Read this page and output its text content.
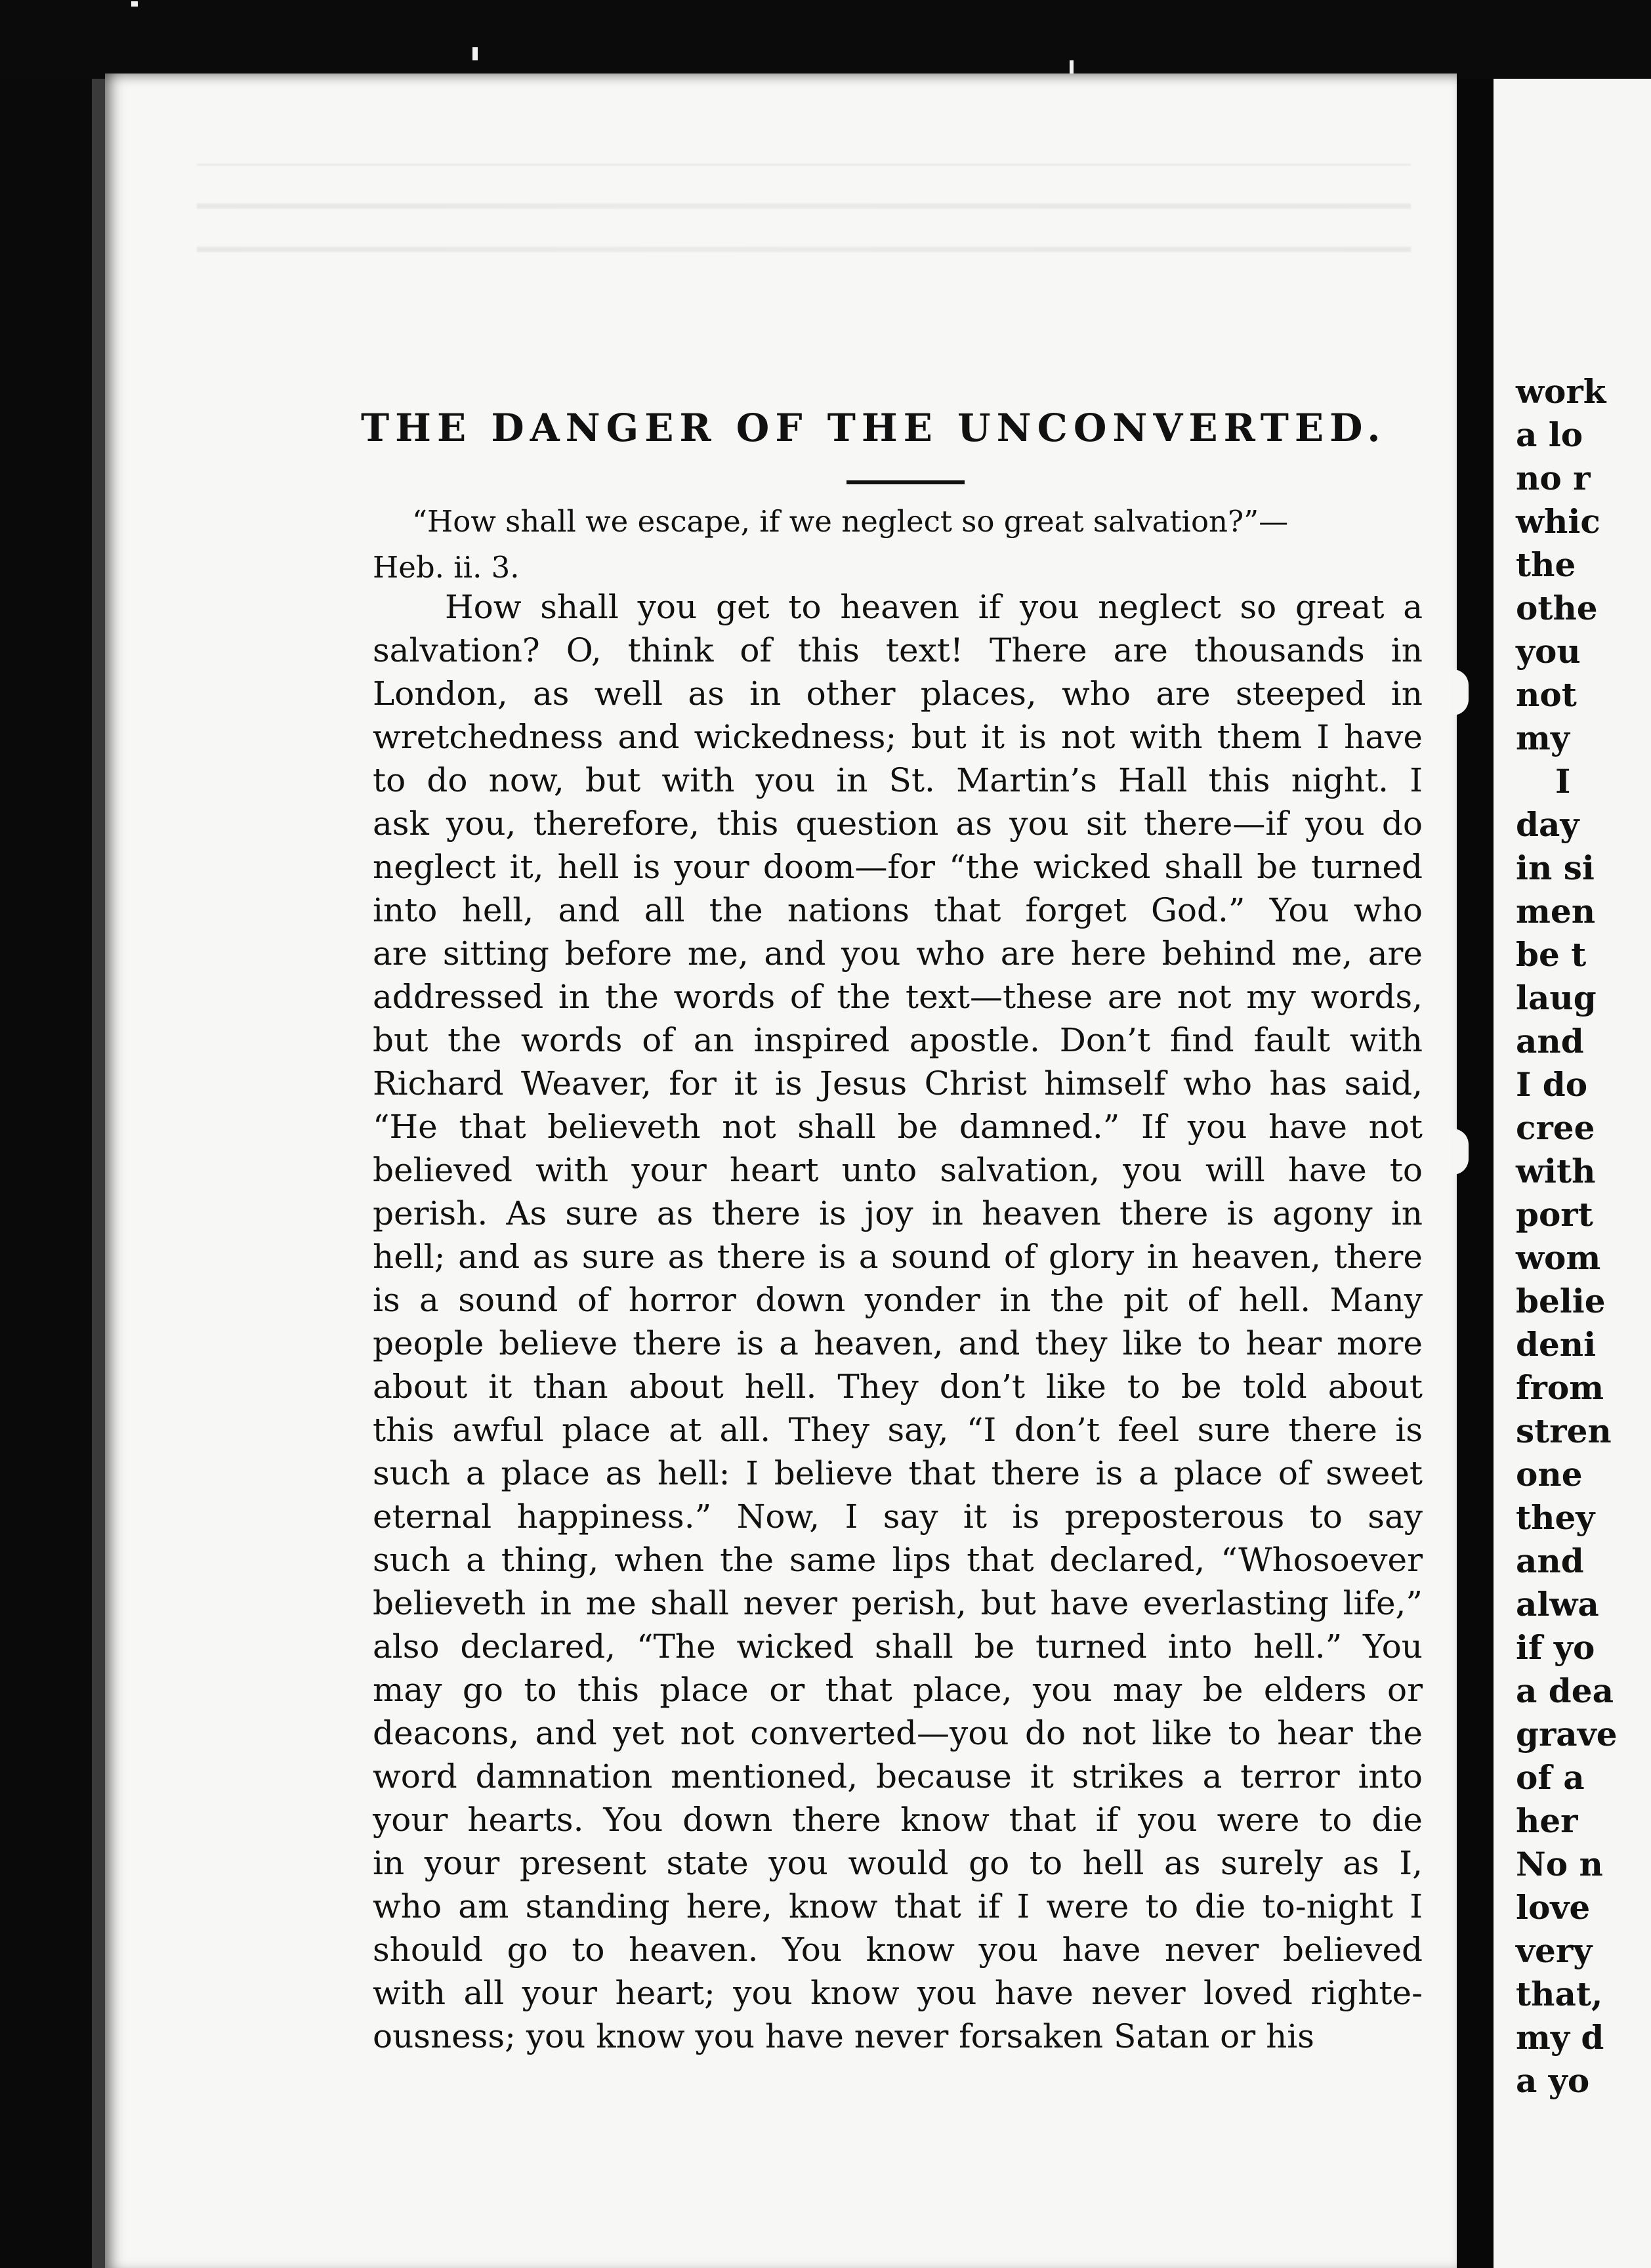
THE DANGER OF THE UNCONVERTED.
“How shall we escape, if we neglect so great salvation?”—
Heb. ii. 3.
How shall you get to heaven if you neglect so great a
salvation? O, think of this text! There are thousands in
London, as well as in other places, who are steeped in
wretchedness and wickedness; but it is not with them I have
to do now, but with you in St. Martin’s Hall this night. I
ask you, therefore, this question as you sit there—if you do
neglect it, hell is your doom—for “the wicked shall be turned
into hell, and all the nations that forget God.” You who
are sitting before me, and you who are here behind me, are
addressed in the words of the text—these are not my words,
but the words of an inspired apostle. Don’t find fault with
Richard Weaver, for it is Jesus Christ himself who has said,
“He that believeth not shall be damned.” If you have not
believed with your heart unto salvation, you will have to
perish. As sure as there is joy in heaven there is agony in
hell; and as sure as there is a sound of glory in heaven, there
is a sound of horror down yonder in the pit of hell. Many
people believe there is a heaven, and they like to hear more
about it than about hell. They don’t like to be told about
this awful place at all. They say, “I don’t feel sure there is
such a place as hell: I believe that there is a place of sweet
eternal happiness.” Now, I say it is preposterous to say
such a thing, when the same lips that declared, “Whosoever
believeth in me shall never perish, but have everlasting life,”
also declared, “The wicked shall be turned into hell.” You
may go to this place or that place, you may be elders or
deacons, and yet not converted—you do not like to hear the
word damnation mentioned, because it strikes a terror into
your hearts. You down there know that if you were to die
in your present state you would go to hell as surely as I,
who am standing here, know that if I were to die to-night I
should go to heaven. You know you have never believed
with all your heart; you know you have never loved righte-
ousness; you know you have never forsaken Satan or his
work
a lo
no r
whic
the
othe
you
not
my
I
day
in si
men
be t
laug
and
I do
cree
with
port
wom
belie
deni
from
stren
one
they
and
alwa
if yo
a dea
grave
of a
her
No n
love
very
that,
my d
a yo
